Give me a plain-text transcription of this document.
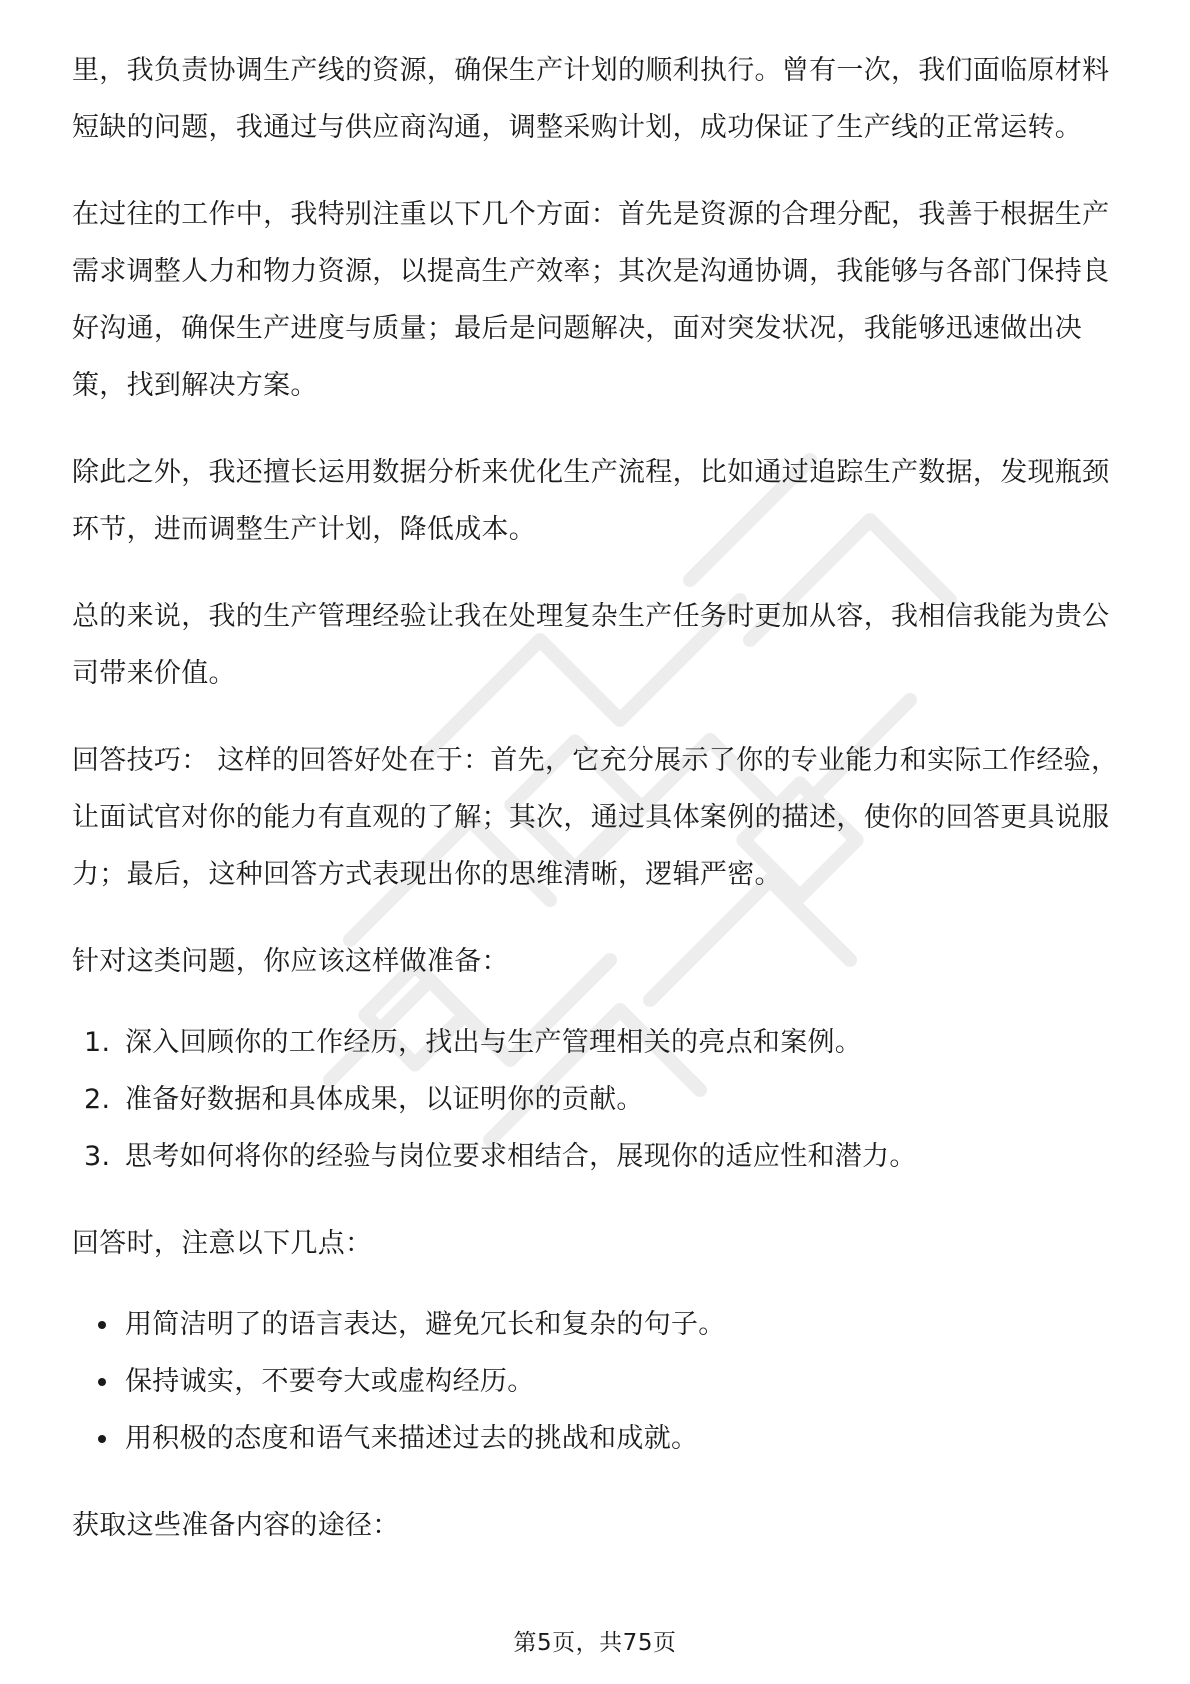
里，我负责协调生产线的资源，确保生产计划的顺利执行。曾有一次，我们面临原材料短缺的问题，我通过与供应商沟通，调整采购计划，成功保证了生产线的正常运转。

在过往的工作中，我特别注重以下几个方面：首先是资源的合理分配，我善于根据生产需求调整人力和物力资源，以提高生产效率；其次是沟通协调，我能够与各部门保持良好沟通，确保生产进度与质量；最后是问题解决，面对突发状况，我能够迅速做出决策，找到解决方案。

除此之外，我还擅长运用数据分析来优化生产流程，比如通过追踪生产数据，发现瓶颈环节，进而调整生产计划，降低成本。

总的来说，我的生产管理经验让我在处理复杂生产任务时更加从容，我相信我能为贵公司带来价值。

回答技巧： 这样的回答好处在于：首先，它充分展示了你的专业能力和实际工作经验，让面试官对你的能力有直观的了解；其次，通过具体案例的描述，使你的回答更具说服力；最后，这种回答方式表现出你的思维清晰，逻辑严密。

针对这类问题，你应该这样做准备：

1. 深入回顾你的工作经历，找出与生产管理相关的亮点和案例。
2. 准备好数据和具体成果，以证明你的贡献。
3. 思考如何将你的经验与岗位要求相结合，展现你的适应性和潜力。

回答时，注意以下几点：

用简洁明了的语言表达，避免冗长和复杂的句子。
保持诚实，不要夸大或虚构经历。
用积极的态度和语气来描述过去的挑战和成就。

获取这些准备内容的途径：

第5页，共75页
